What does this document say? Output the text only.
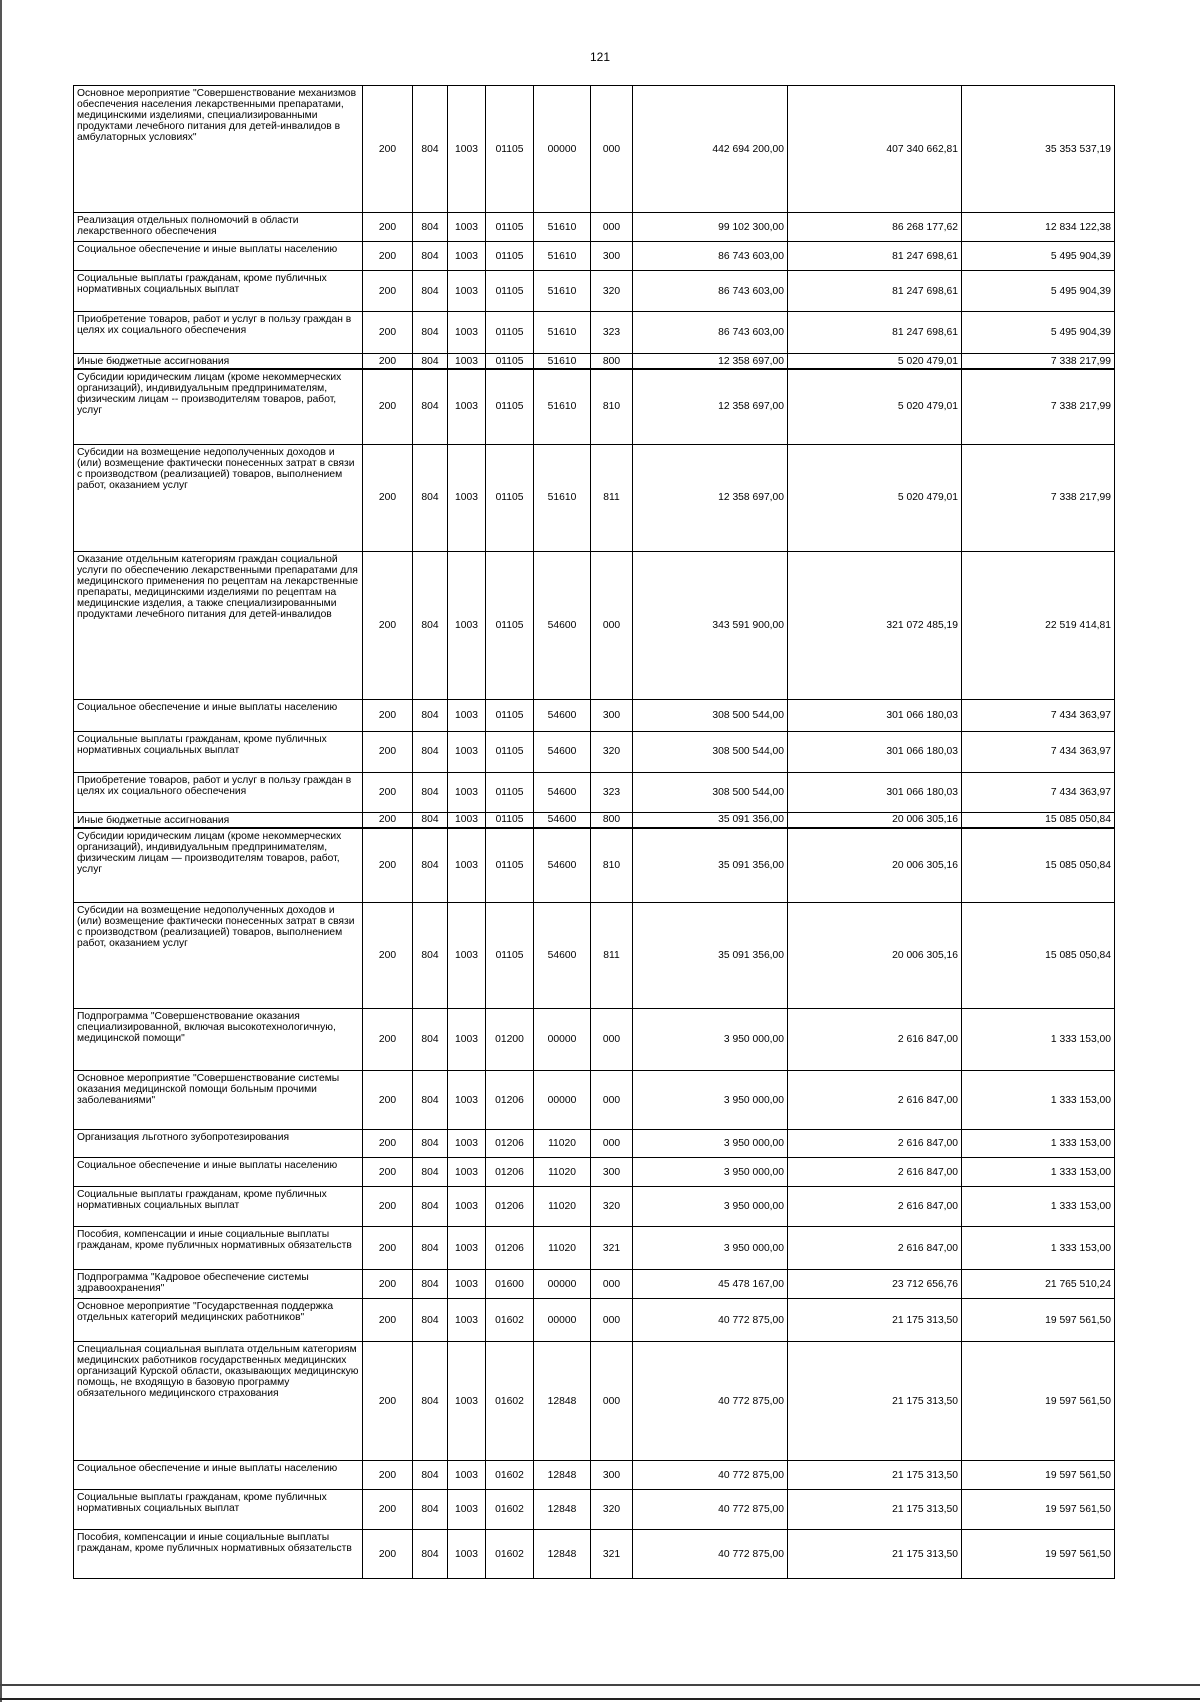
121
Основное мероприятие "Совершенствование механизмов обеспечения населения лекарственными препаратами, медицинскими изделиями, специализированными продуктами лечебного питания для детей-инвалидов в амбулаторных условиях"	200	804	1003	01105	00000	000	442 694 200,00	407 340 662,81	35 353 537,19
Реализация отдельных полномочий в области лекарственного обеспечения	200	804	1003	01105	51610	000	99 102 300,00	86 268 177,62	12 834 122,38
Социальное обеспечение и иные выплаты населению	200	804	1003	01105	51610	300	86 743 603,00	81 247 698,61	5 495 904,39
Социальные выплаты гражданам, кроме публичных нормативных социальных выплат	200	804	1003	01105	51610	320	86 743 603,00	81 247 698,61	5 495 904,39
Приобретение товаров, работ и услуг в пользу граждан в целях их социального обеспечения	200	804	1003	01105	51610	323	86 743 603,00	81 247 698,61	5 495 904,39
Иные бюджетные ассигнования	200	804	1003	01105	51610	800	12 358 697,00	5 020 479,01	7 338 217,99
Субсидии юридическим лицам (кроме некоммерческих организаций), индивидуальным предпринимателям, физическим лицам -- производителям товаров, работ, услуг	200	804	1003	01105	51610	810	12 358 697,00	5 020 479,01	7 338 217,99
Субсидии на возмещение недополученных доходов и (или) возмещение фактически понесенных затрат в связи с производством (реализацией) товаров, выполнением работ, оказанием услуг	200	804	1003	01105	51610	811	12 358 697,00	5 020 479,01	7 338 217,99
Оказание отдельным категориям граждан социальной услуги по обеспечению лекарственными препаратами для медицинского применения по рецептам на лекарственные препараты, медицинскими изделиями по рецептам на медицинские изделия, а также специализированными продуктами лечебного питания для детей-инвалидов	200	804	1003	01105	54600	000	343 591 900,00	321 072 485,19	22 519 414,81
Социальное обеспечение и иные выплаты населению	200	804	1003	01105	54600	300	308 500 544,00	301 066 180,03	7 434 363,97
Социальные выплаты гражданам, кроме публичных нормативных социальных выплат	200	804	1003	01105	54600	320	308 500 544,00	301 066 180,03	7 434 363,97
Приобретение товаров, работ и услуг в пользу граждан в целях их социального обеспечения	200	804	1003	01105	54600	323	308 500 544,00	301 066 180,03	7 434 363,97
Иные бюджетные ассигнования	200	804	1003	01105	54600	800	35 091 356,00	20 006 305,16	15 085 050,84
Субсидии юридическим лицам (кроме некоммерческих организаций), индивидуальным предпринимателям, физическим лицам — производителям товаров, работ, услуг	200	804	1003	01105	54600	810	35 091 356,00	20 006 305,16	15 085 050,84
Субсидии на возмещение недополученных доходов и (или) возмещение фактически понесенных затрат в связи с производством (реализацией) товаров, выполнением работ, оказанием услуг	200	804	1003	01105	54600	811	35 091 356,00	20 006 305,16	15 085 050,84
Подпрограмма "Совершенствование оказания специализированной, включая высокотехнологичную, медицинской помощи"	200	804	1003	01200	00000	000	3 950 000,00	2 616 847,00	1 333 153,00
Основное мероприятие "Совершенствование системы оказания медицинской помощи больным прочими заболеваниями"	200	804	1003	01206	00000	000	3 950 000,00	2 616 847,00	1 333 153,00
Организация льготного зубопротезирования	200	804	1003	01206	11020	000	3 950 000,00	2 616 847,00	1 333 153,00
Социальное обеспечение и иные выплаты населению	200	804	1003	01206	11020	300	3 950 000,00	2 616 847,00	1 333 153,00
Социальные выплаты гражданам, кроме публичных нормативных социальных выплат	200	804	1003	01206	11020	320	3 950 000,00	2 616 847,00	1 333 153,00
Пособия, компенсации и иные социальные выплаты гражданам, кроме публичных нормативных обязательств	200	804	1003	01206	11020	321	3 950 000,00	2 616 847,00	1 333 153,00
Подпрограмма "Кадровое обеспечение системы здравоохранения"	200	804	1003	01600	00000	000	45 478 167,00	23 712 656,76	21 765 510,24
Основное мероприятие "Государственная поддержка отдельных категорий медицинских работников"	200	804	1003	01602	00000	000	40 772 875,00	21 175 313,50	19 597 561,50
Специальная социальная выплата отдельным категориям медицинских работников государственных медицинских организаций Курской области, оказывающих медицинскую помощь, не входящую в базовую программу обязательного медицинского страхования	200	804	1003	01602	12848	000	40 772 875,00	21 175 313,50	19 597 561,50
Социальное обеспечение и иные выплаты населению	200	804	1003	01602	12848	300	40 772 875,00	21 175 313,50	19 597 561,50
Социальные выплаты гражданам, кроме публичных нормативных социальных выплат	200	804	1003	01602	12848	320	40 772 875,00	21 175 313,50	19 597 561,50
Пособия, компенсации и иные социальные выплаты гражданам, кроме публичных нормативных обязательств	200	804	1003	01602	12848	321	40 772 875,00	21 175 313,50	19 597 561,50
